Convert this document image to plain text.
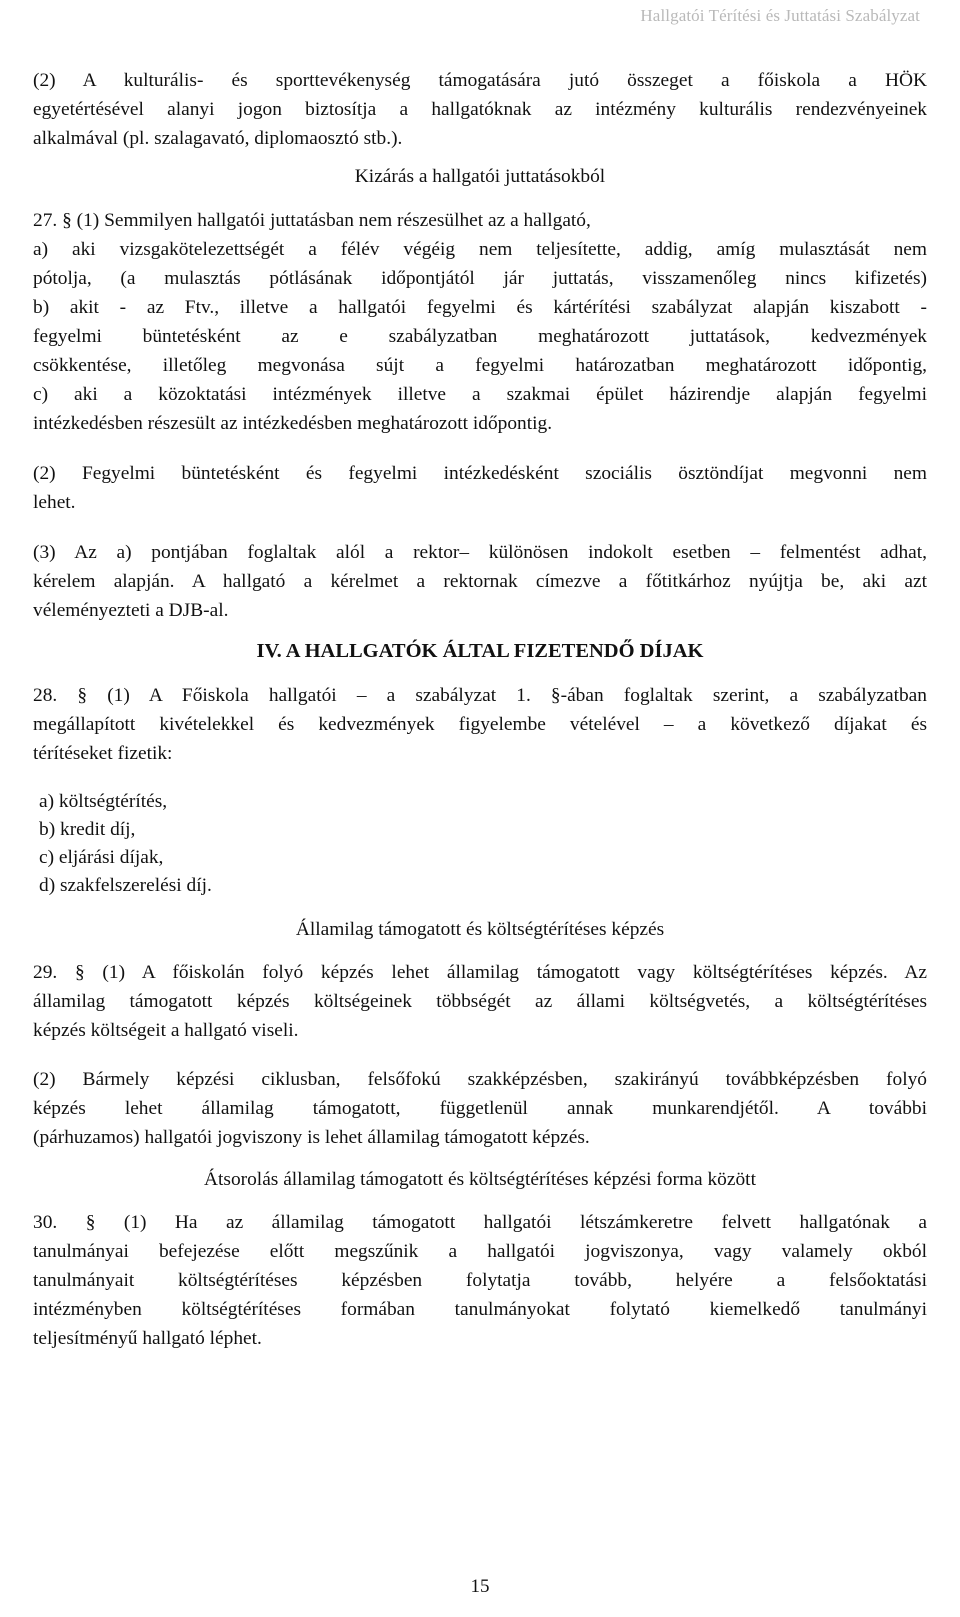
Hallgatói Térítési és Juttatási Szabályzat
(2) A kulturális- és sporttevékenység támogatására jutó összeget a főiskola a HÖK
egyetértésével alanyi jogon biztosítja a hallgatóknak az intézmény kulturális rendezvényeinek
alkalmával (pl. szalagavató, diplomaosztó stb.).
Kizárás a hallgatói juttatásokból
27. § (1) Semmilyen hallgatói juttatásban nem részesülhet az a hallgató,
a) aki vizsgakötelezettségét a félév végéig nem teljesítette, addig, amíg mulasztását nem
pótolja, (a mulasztás pótlásának időpontjától jár juttatás, visszamenőleg nincs kifizetés)
b) akit - az Ftv., illetve a hallgatói fegyelmi és kártérítési szabályzat alapján kiszabott -
fegyelmi büntetésként az e szabályzatban meghatározott juttatások, kedvezmények
csökkentése, illetőleg megvonása sújt a fegyelmi határozatban meghatározott időpontig,
c) aki a közoktatási intézmények illetve a szakmai épület házirendje alapján fegyelmi
intézkedésben részesült az intézkedésben meghatározott időpontig.
(2) Fegyelmi büntetésként és fegyelmi intézkedésként szociális ösztöndíjat megvonni nem
lehet.
(3) Az a) pontjában foglaltak alól a rektor– különösen indokolt esetben – felmentést adhat,
kérelem alapján. A hallgató a kérelmet a rektornak címezve a főtitkárhoz nyújtja be, aki azt
véleményezteti a DJB-al.
IV. A HALLGATÓK ÁLTAL FIZETENDŐ DÍJAK
28. § (1) A Főiskola hallgatói – a szabályzat 1. §-ában foglaltak szerint, a szabályzatban
megállapított kivételekkel és kedvezmények figyelembe vételével – a következő díjakat és
térítéseket fizetik:
a) költségtérítés,
b) kredit díj,
c) eljárási díjak,
d) szakfelszerelési díj.
Államilag támogatott és költségtérítéses képzés
29. § (1) A főiskolán folyó képzés lehet államilag támogatott vagy költségtérítéses képzés. Az
államilag támogatott képzés költségeinek többségét az állami költségvetés, a költségtérítéses
képzés költségeit a hallgató viseli.
(2) Bármely képzési ciklusban, felsőfokú szakképzésben, szakirányú továbbképzésben folyó
képzés lehet államilag támogatott, függetlenül annak munkarendjétől. A további
(párhuzamos) hallgatói jogviszony is lehet államilag támogatott képzés.
Átsorolás államilag támogatott és költségtérítéses képzési forma között
30. § (1) Ha az államilag támogatott hallgatói létszámkeretre felvett hallgatónak a
tanulmányai befejezése előtt megszűnik a hallgatói jogviszonya, vagy valamely okból
tanulmányait költségtérítéses képzésben folytatja tovább, helyére a felsőoktatási
intézményben költségtérítéses formában tanulmányokat folytató kiemelkedő tanulmányi
teljesítményű hallgató léphet.
15
